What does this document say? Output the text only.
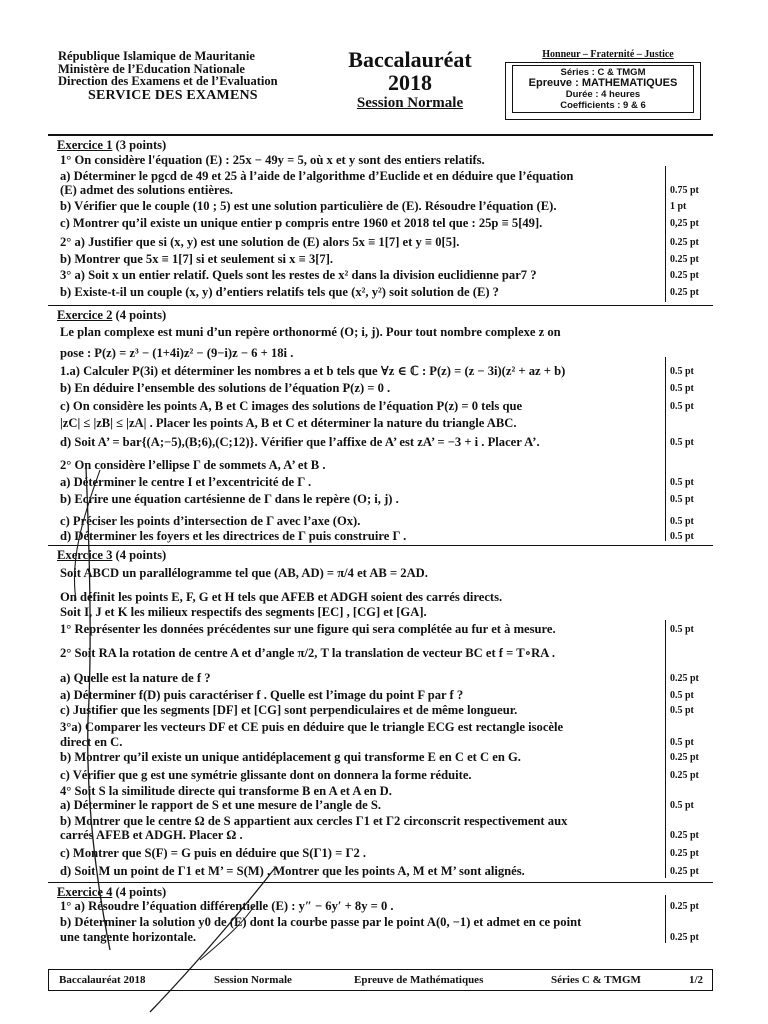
République Islamique de Mauritanie
Ministère de l’Education Nationale
Direction des Examens et de l’Evaluation
SERVICE DES EXAMENS
Baccalauréat
2018
Session Normale
Honneur – Fraternité – Justice
Séries : C & TMGM
Epreuve : MATHEMATIQUES
Durée : 4 heures
Coefficients : 9 & 6
Exercice 1 (3 points)
1° On considère l'équation (E) : 25x − 49y = 5, où x et y sont des entiers relatifs.
a) Déterminer le pgcd de 49 et 25 à l’aide de l’algorithme d’Euclide et en déduire que l’équation
(E) admet des solutions entières.	0.75 pt
b) Vérifier que le couple (10 ; 5) est une solution particulière de (E). Résoudre l’équation (E).	1 pt
c) Montrer qu’il existe un unique entier p compris entre 1960 et 2018 tel que : 25p ≡ 5[49].	0,25 pt
2° a) Justifier que si (x, y) est une solution de (E) alors 5x ≡ 1[7] et y ≡ 0[5].	0.25 pt
b) Montrer que 5x ≡ 1[7] si et seulement si x ≡ 3[7].	0.25 pt
3° a) Soit x un entier relatif. Quels sont les restes de x² dans la division euclidienne par7 ?	0.25 pt
b) Existe-t-il un couple (x, y) d’entiers relatifs tels que (x², y²) soit solution de (E) ?	0.25 pt
Exercice 2 (4 points)
Le plan complexe est muni d’un repère orthonormé (O; i, j). Pour tout nombre complexe z on
pose : P(z) = z³ − (1+4i)z² − (9−i)z − 6 + 18i .
1.a) Calculer P(3i) et déterminer les nombres a et b tels que ∀z ∈ ℂ : P(z) = (z − 3i)(z² + az + b)	0.5 pt
b) En déduire l’ensemble des solutions de l’équation P(z) = 0 .	0.5 pt
c) On considère les points A, B et C images des solutions de l’équation P(z) = 0 tels que	0.5 pt
|zC| ≤ |zB| ≤ |zA| . Placer les points A, B et C et déterminer la nature du triangle ABC.
d) Soit A’ = bar{(A;−5),(B;6),(C;12)}. Vérifier que l’affixe de A’ est zA’ = −3 + i . Placer A’.	0.5 pt
2° On considère l’ellipse Γ de sommets A, A’ et B .
a) Déterminer le centre I et l’excentricité de Γ .	0.5 pt
b) Ecrire une équation cartésienne de Γ dans le repère (O; i, j) .	0.5 pt
c) Préciser les points d’intersection de Γ avec l’axe (Ox).	0.5 pt
d) Déterminer les foyers et les directrices de Γ puis construire Γ .	0.5 pt
Exercice 3 (4 points)
Soit ABCD un parallélogramme tel que (AB, AD) = π/4 et AB = 2AD.
On définit les points E, F, G et H tels que AFEB et ADGH soient des carrés directs.
Soit I, J et K les milieux respectifs des segments [EC] , [CG] et [GA].
1° Représenter les données précédentes sur une figure qui sera complétée au fur et à mesure.	0.5 pt
2° Soit RA la rotation de centre A et d’angle π/2, T la translation de vecteur BC et f = T∘RA .
a) Quelle est la nature de f ?	0.25 pt
a) Déterminer f(D) puis caractériser f . Quelle est l’image du point F par f ?	0.5 pt
c) Justifier que les segments [DF] et [CG] sont perpendiculaires et de même longueur.	0.5 pt
3°a) Comparer les vecteurs DF et CE puis en déduire que le triangle ECG est rectangle isocèle
direct en C.	0.5 pt
b) Montrer qu’il existe un unique antidéplacement g qui transforme E en C et C en G.	0.25 pt
c) Vérifier que g est une symétrie glissante dont on donnera la forme réduite.	0.25 pt
4° Soit S la similitude directe qui transforme B en A et A en D.
a) Déterminer le rapport de S et une mesure de l’angle de S.	0.5 pt
b) Montrer que le centre Ω de S appartient aux cercles Γ1 et Γ2 circonscrit respectivement aux
carrés AFEB et ADGH. Placer Ω .	0.25 pt
c) Montrer que S(F) = G puis en déduire que S(Γ1) = Γ2 .	0.25 pt
d) Soit M un point de Γ1 et M’ = S(M) . Montrer que les points A, M et M’ sont alignés.	0.25 pt
Exercice 4 (4 points)
1° a) Résoudre l’équation différentielle (E) : y″ − 6y′ + 8y = 0 .	0.25 pt
b) Déterminer la solution y0 de (E) dont la courbe passe par le point A(0, −1) et admet en ce point
une tangente horizontale.	0.25 pt
Baccalauréat 2018	Session Normale	Epreuve de Mathématiques	Séries C & TMGM	1/2
